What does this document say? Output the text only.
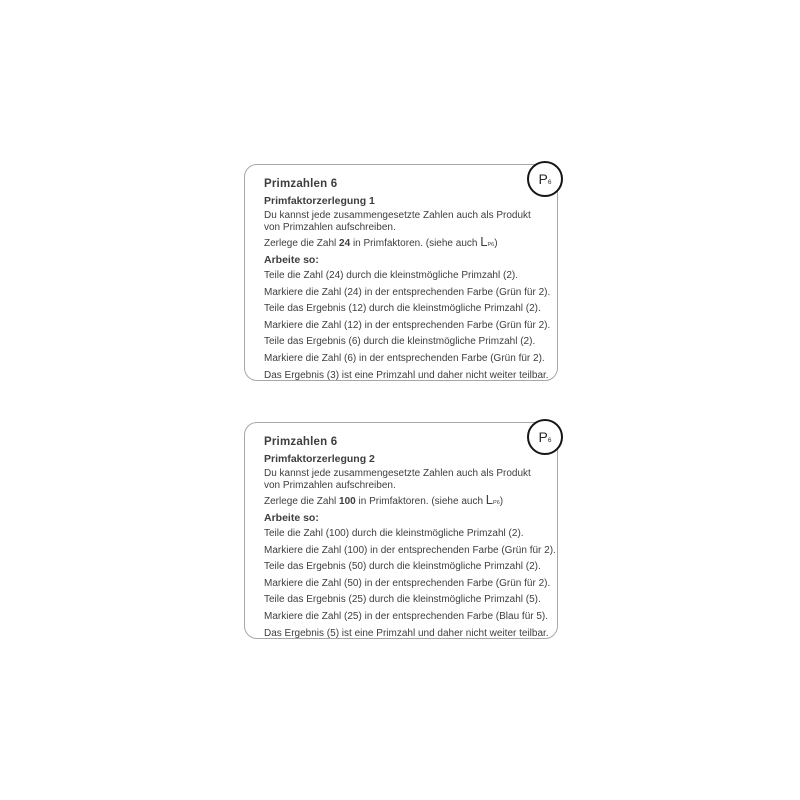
P 6
Primzahlen 6
Primfaktorzerlegung 1
Du kannst jede zusammengesetzte Zahlen auch als Produkt
von Primzahlen aufschreiben.
Zerlege die Zahl 24 in Primfaktoren. (siehe auch LP6)
Arbeite so:
Teile die Zahl (24) durch die kleinstmögliche Primzahl (2).
Markiere die Zahl (24) in der entsprechenden Farbe (Grün für 2).
Teile das Ergebnis (12) durch die kleinstmögliche Primzahl (2).
Markiere die Zahl (12) in der entsprechenden Farbe (Grün für 2).
Teile das Ergebnis (6) durch die kleinstmögliche Primzahl (2).
Markiere die Zahl (6) in der entsprechenden Farbe (Grün für 2).
Das Ergebnis (3) ist eine Primzahl und daher nicht weiter teilbar.
P 6
Primzahlen 6
Primfaktorzerlegung 2
Du kannst jede zusammengesetzte Zahlen auch als Produkt
von Primzahlen aufschreiben.
Zerlege die Zahl 100 in Primfaktoren. (siehe auch LP6)
Arbeite so:
Teile die Zahl (100) durch die kleinstmögliche Primzahl (2).
Markiere die Zahl (100) in der entsprechenden Farbe (Grün für 2).
Teile das Ergebnis (50) durch die kleinstmögliche Primzahl (2).
Markiere die Zahl (50) in der entsprechenden Farbe (Grün für 2).
Teile das Ergebnis (25) durch die kleinstmögliche Primzahl (5).
Markiere die Zahl (25) in der entsprechenden Farbe (Blau für 5).
Das Ergebnis (5) ist eine Primzahl und daher nicht weiter teilbar.
